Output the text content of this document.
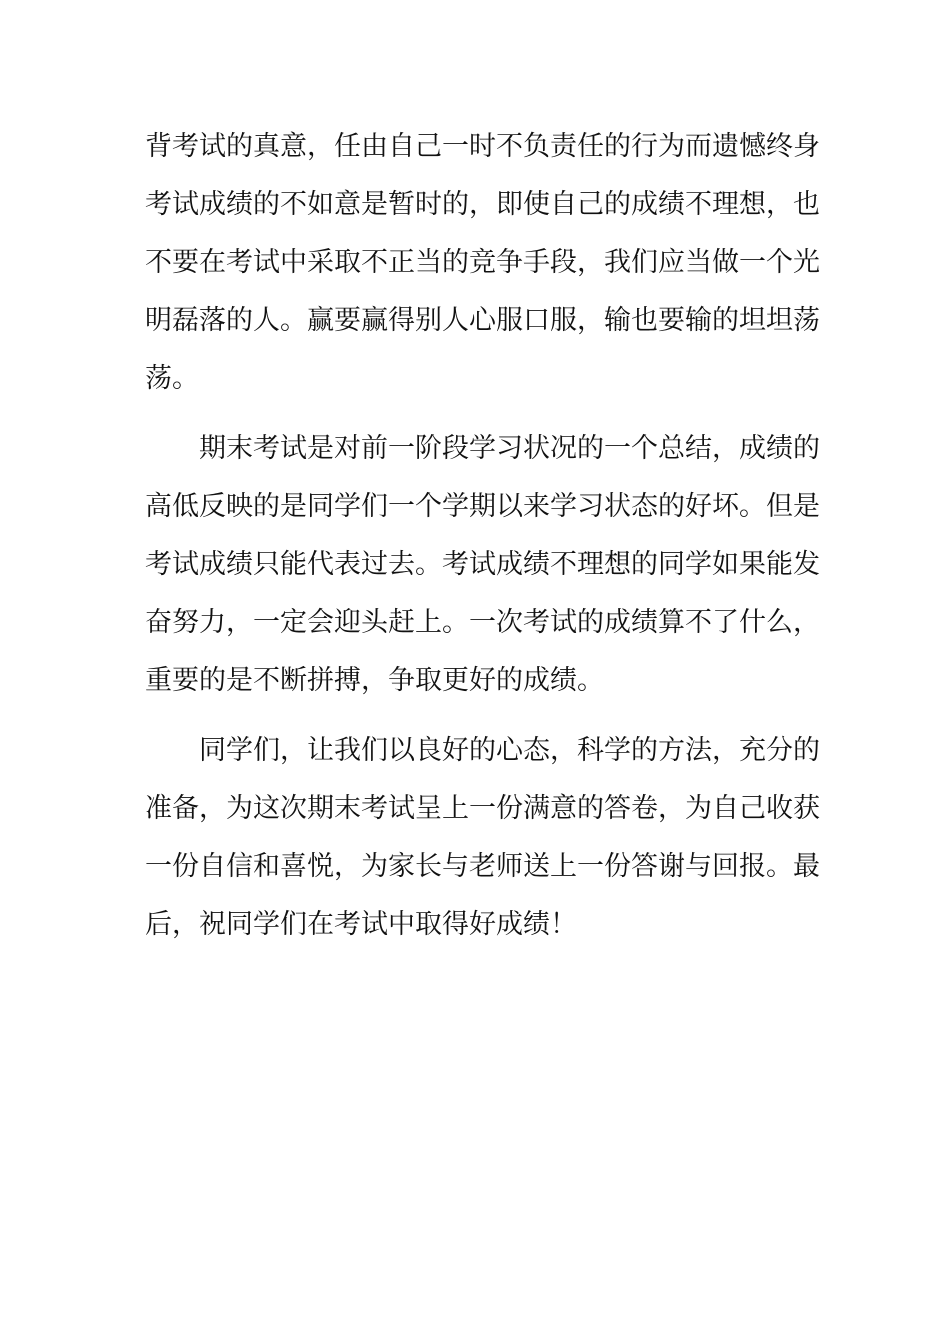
背考试的真意，任由自己一时不负责任的行为而遗憾终身
考试成绩的不如意是暂时的，即使自己的成绩不理想，也
不要在考试中采取不正当的竞争手段，我们应当做一个光
明磊落的人。赢要赢得别人心服口服，输也要输的坦坦荡
荡。
期末考试是对前一阶段学习状况的一个总结，成绩的
高低反映的是同学们一个学期以来学习状态的好坏。但是
考试成绩只能代表过去。考试成绩不理想的同学如果能发
奋努力，一定会迎头赶上。一次考试的成绩算不了什么，
重要的是不断拼搏，争取更好的成绩。
同学们，让我们以良好的心态，科学的方法，充分的
准备，为这次期末考试呈上一份满意的答卷，为自己收获
一份自信和喜悦，为家长与老师送上一份答谢与回报。最
后，祝同学们在考试中取得好成绩！
